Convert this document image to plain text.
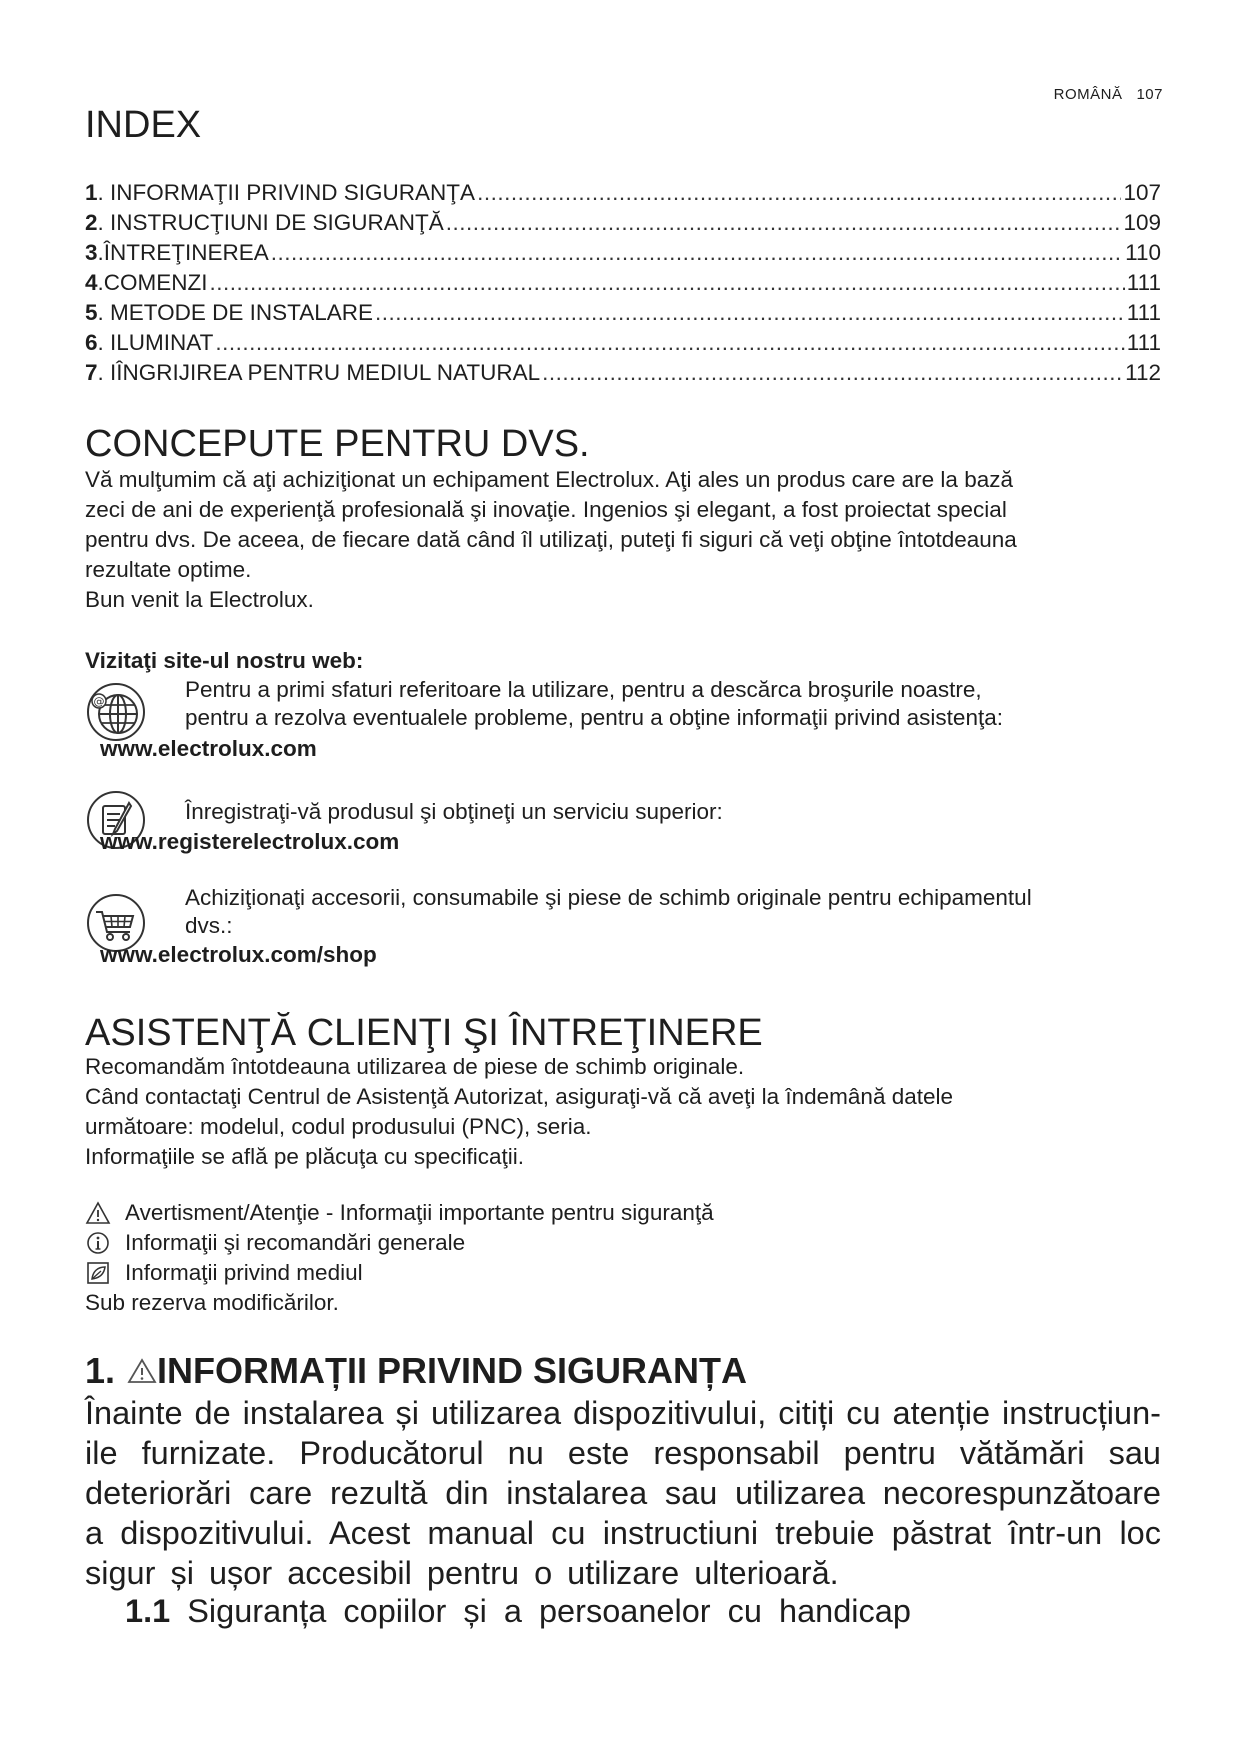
ROMÂNĂ 107
INDEX
1 . INFORMAŢII PRIVIND SIGURANŢA .....	107
2 . INSTRUCŢIUNI DE SIGURANŢĂ .....	109
3 . ÎNTREŢINEREA .....	110
4 . COMENZI .....	111
5 . METODE DE INSTALARE .....	111
6 . ILUMINAT .....	111
7 . IÎNGRIJIREA PENTRU MEDIUL NATURAL .....	112
CONCEPUTE PENTRU DVS.
Vă mulţumim că aţi achiziţionat un echipament Electrolux. Aţi ales un produs care are la bază
zeci de ani de experienţă profesională şi inovaţie. Ingenios şi elegant, a fost proiectat special
pentru dvs. De aceea, de fiecare dată când îl utilizaţi, puteţi fi siguri că veţi obţine întotdeauna
rezultate optime.
Bun venit la Electrolux.
Vizitaţi site-ul nostru web:
@	Pentru a primi sfaturi referitoare la utilizare, pentru a descărca broşurile noastre,
pentru a rezolva eventualele probleme, pentru a obţine informaţii privind asistenţa:
www.electrolux.com
Înregistraţi-vă produsul şi obţineţi un serviciu superior:
www.registerelectrolux.com
Achiziţionaţi accesorii, consumabile şi piese de schimb originale pentru echipamentul
dvs.:
www.electrolux.com/shop
ASISTENŢĂ CLIENŢI ŞI ÎNTREŢINERE
Recomandăm întotdeauna utilizarea de piese de schimb originale.
Când contactaţi Centrul de Asistenţă Autorizat, asiguraţi-vă că aveţi la îndemână datele
următoare: modelul, codul produsului (PNC), seria.
Informaţiile se află pe plăcuţa cu specificaţii.
Avertisment/Atenţie - Informaţii importante pentru siguranţă
Informaţii şi recomandări generale
Informaţii privind mediul
Sub rezerva modificărilor.
1. INFORMAȚII PRIVIND SIGURANȚA
Înainte de instalarea și utilizarea dispozitivului, citiți cu atenție instrucțiun-
ile furnizate. Producătorul nu este responsabil pentru vătămări sau
deteriorări care rezultă din instalarea sau utilizarea necorespunzătoare
a dispozitivului. Acest manual cu instructiuni trebuie păstrat într-un loc
sigur și ușor accesibil pentru o utilizare ulterioară.
1.1 Siguranța copiilor și a persoanelor cu handicap
